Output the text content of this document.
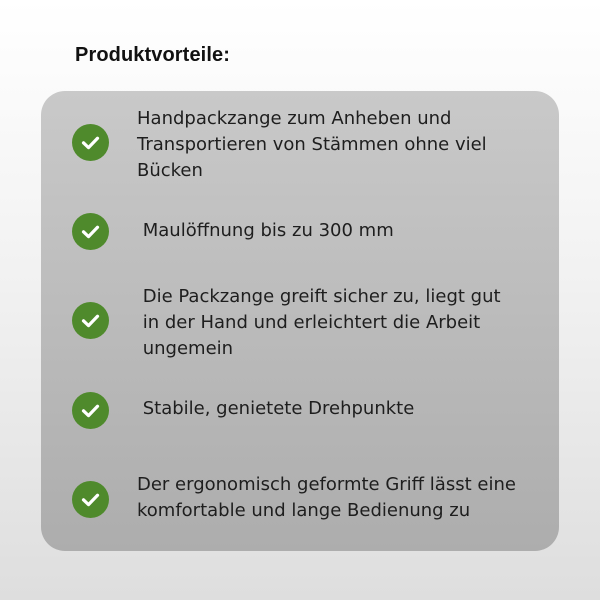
Produktvorteile:
Handpackzange zum Anheben und
Transportieren von Stämmen ohne viel
Bücken
Maulöffnung bis zu 300 mm
Die Packzange greift sicher zu, liegt gut
in der Hand und erleichtert die Arbeit
ungemein
Stabile, genietete Drehpunkte
Der ergonomisch geformte Griff lässt eine
komfortable und lange Bedienung zu
